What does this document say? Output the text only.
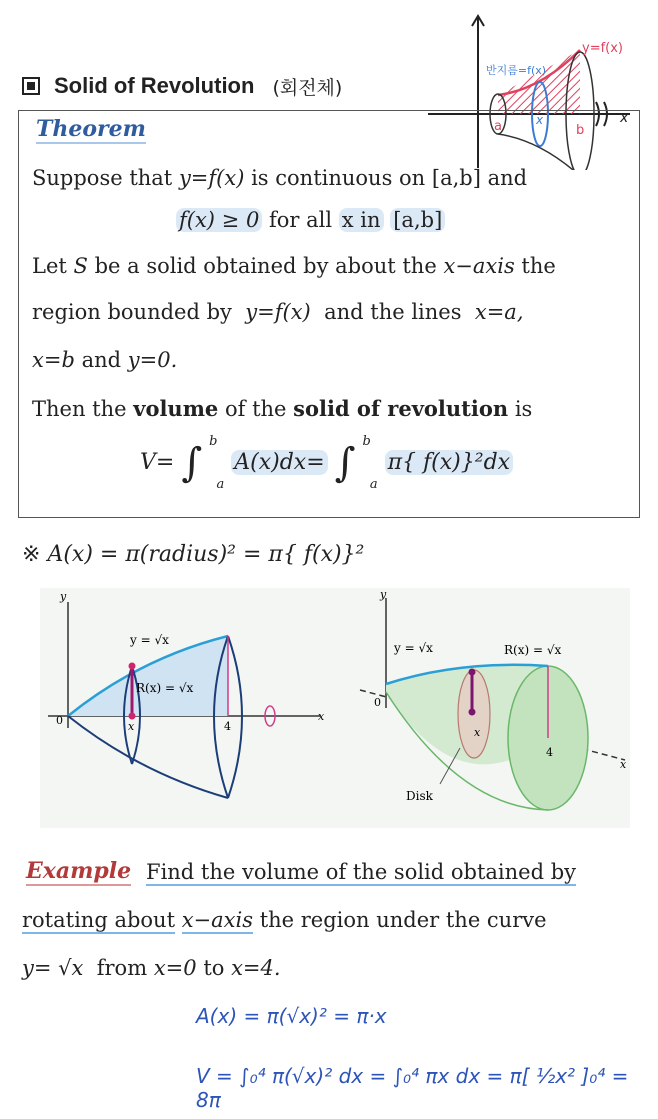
Solid of Revolution (회전체)
y=f(x)
반지름=f(x)
x
a	b
x
Theorem
Suppose that y=f(x) is continuous on [a,b] and
f(x) ≥ 0 for all x in [a,b]
Let S be a solid obtained by about the x−axis the
region bounded by y=f(x) and the lines x=a,
x=b and y=0.
Then the volume of the solid of revolution is
V= ∫ $^b$ $_a$ A(x)dx= ∫ $^b$ $_a$ π{ f(x)}²dx
※ A(x) = π(radius)² = π{ f(x)}²
y
x
y = √x
R(x) = √x
0	x	4
y
x
y = √x	R(x) = √x
0
x
4
Disk
Example Find the volume of the solid obtained by
rotating about x−axis the region under the curve
y= √x from x=0 to x=4.
A(x) = π(√x)² = π·x
V = ∫₀⁴ π(√x)² dx = ∫₀⁴ πx dx = π[ ½x² ]₀⁴ = 8π
